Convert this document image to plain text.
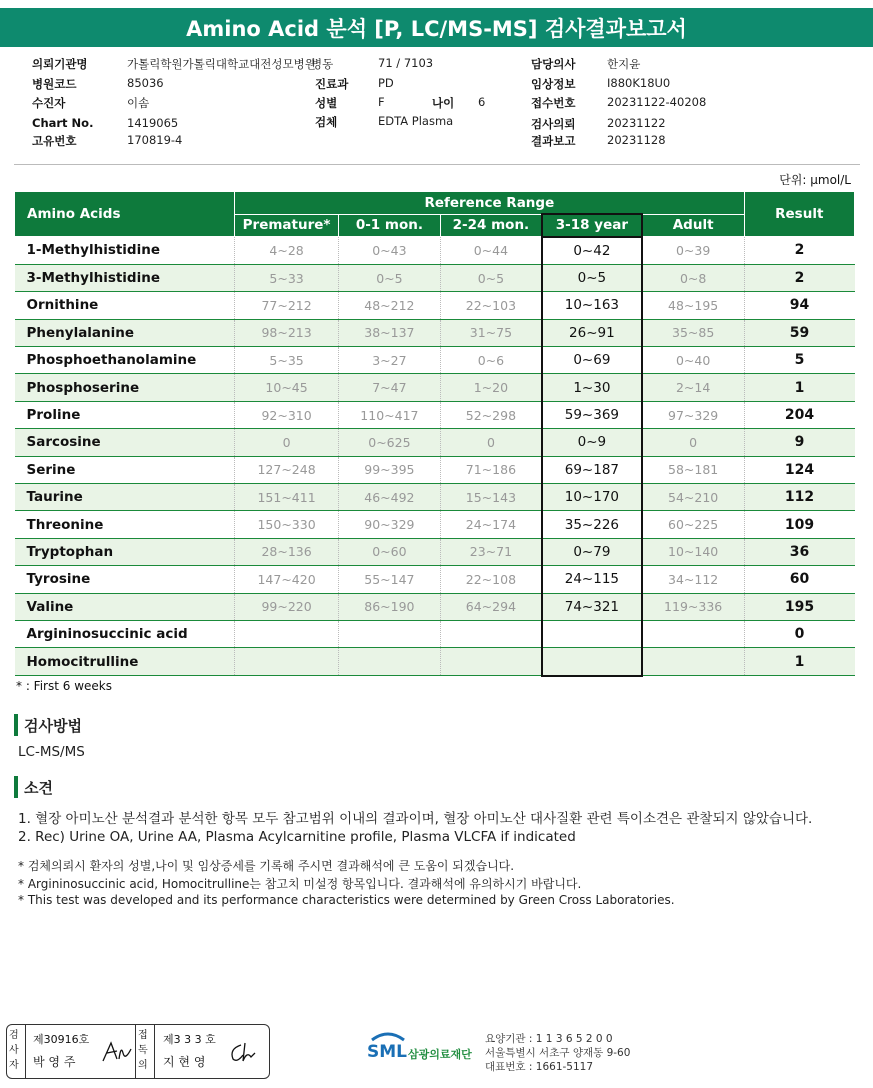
Amino Acid 분석 [P, LC/MS-MS] 검사결과보고서
의뢰기관명	가톨릭학원가톨릭대학교대전성모병원
병동	71 / 7103
병원코드	85036
수진자	이솜
Chart No.	1419065
고유번호	170819-4
진료과	PD
성별	F	나이 6
검체	EDTA Plasma
담당의사	한지윤
임상정보	I880K18U0
접수번호	20231122-40208
검사의뢰	20231122
결과보고	20231128
단위: μmol/L
Amino Acids	Reference Range					Result
	Premature*	0-1 mon.	2-24 mon.	3-18 year	Adult	
1-Methylhistidine	4~28	0~43	0~44	0~42	0~39	2
3-Methylhistidine	5~33	0~5	0~5	0~5	0~8	2
Ornithine	77~212	48~212	22~103	10~163	48~195	94
Phenylalanine	98~213	38~137	31~75	26~91	35~85	59
Phosphoethanolamine	5~35	3~27	0~6	0~69	0~40	5
Phosphoserine	10~45	7~47	1~20	1~30	2~14	1
Proline	92~310	110~417	52~298	59~369	97~329	204
Sarcosine	0	0~625	0	0~9	0	9
Serine	127~248	99~395	71~186	69~187	58~181	124
Taurine	151~411	46~492	15~143	10~170	54~210	112
Threonine	150~330	90~329	24~174	35~226	60~225	109
Tryptophan	28~136	0~60	23~71	0~79	10~140	36
Tyrosine	147~420	55~147	22~108	24~115	34~112	60
Valine	99~220	86~190	64~294	74~321	119~336	195
Argininosuccinic acid						0
Homocitrulline						1
* : First 6 weeks
검사방법
LC-MS/MS
소견
1. 혈장 아미노산 분석결과 분석한 항목 모두 참고범위 이내의 결과이며, 혈장 아미노산 대사질환 관련 특이소견은 관찰되지 않았습니다.
2. Rec) Urine OA, Urine AA, Plasma Acylcarnitine profile, Plasma VLCFA if indicated
* 검체의뢰시 환자의 성별,나이 및 임상증세를 기록해 주시면 결과해석에 큰 도움이 되겠습니다.
* Argininosuccinic acid, Homocitrulline는 참고치 미설정 항목입니다. 결과해석에 유의하시기 바랍니다.
* This test was developed and its performance characteristics were determined by Green Cross Laboratories.
검사자
제30916호
박 영 주
접독의
제3 3 3 호
지 현 영	SML 삼광의료재단
요양기관 : 1 1 3 6 5 2 0 0
서울특별시 서초구 양재동 9-60
대표번호 : 1661-5117
